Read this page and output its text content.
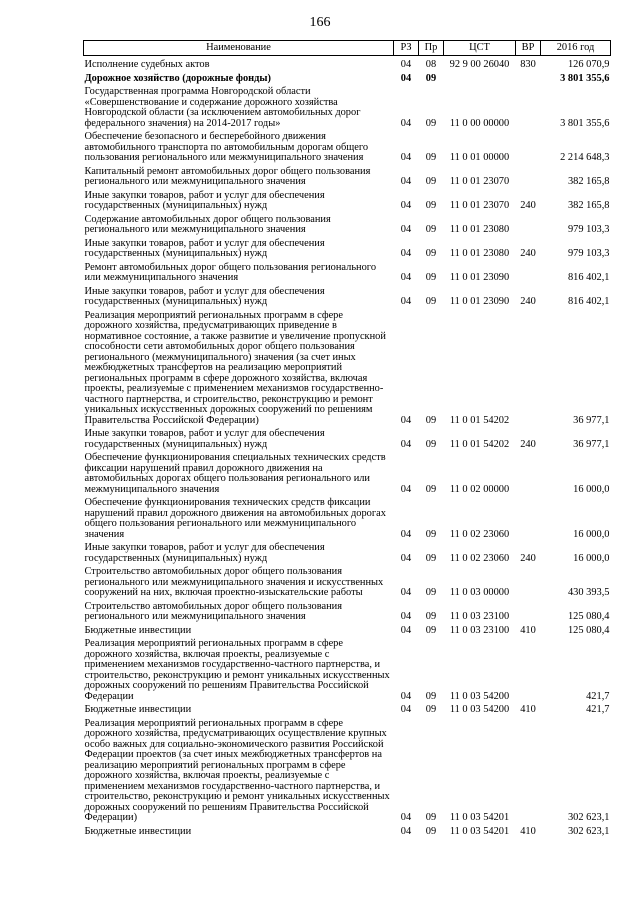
166
Наименование	РЗ	Пр	ЦСТ	ВР	2016 год
Исполнение судебных актов	04	08	92 9 00 26040	830	126 070,9
Дорожное хозяйство (дорожные фонды)	04	09			3 801 355,6
Государственная программа Новгородской области «Совершенствование и содержание дорожного хозяйства Новгородской области (за исключением автомобильных дорог федерального значения) на 2014-2017 годы»	04	09	11 0 00 00000		3 801 355,6
Обеспечение безопасного и бесперебойного движения автомобильного транспорта по автомобильным дорогам общего пользования регионального или межмуниципального значения	04	09	11 0 01 00000		2 214 648,3
Капитальный ремонт автомобильных дорог общего пользования регионального или межмуниципального значения	04	09	11 0 01 23070		382 165,8
Иные закупки товаров, работ и услуг для обеспечения государственных (муниципальных) нужд	04	09	11 0 01 23070	240	382 165,8
Содержание автомобильных дорог общего пользования регионального или межмуниципального значения	04	09	11 0 01 23080		979 103,3
Иные закупки товаров, работ и услуг для обеспечения государственных (муниципальных) нужд	04	09	11 0 01 23080	240	979 103,3
Ремонт автомобильных дорог общего пользования регионального или межмуниципального значения	04	09	11 0 01 23090		816 402,1
Иные закупки товаров, работ и услуг для обеспечения государственных (муниципальных) нужд	04	09	11 0 01 23090	240	816 402,1
Реализация мероприятий региональных программ в сфере дорожного хозяйства, предусматривающих приведение в нормативное состояние, а также развитие и увеличение пропускной способности сети автомобильных дорог общего пользования регионального (межмуниципального) значения (за счет иных межбюджетных трансфертов на реализацию мероприятий региональных программ в сфере дорожного хозяйства, включая проекты, реализуемые с применением механизмов государственно-частного партнерства, и строительство, реконструкцию и ремонт уникальных искусственных дорожных сооружений по решениям Правительства Российской Федерации)	04	09	11 0 01 54202		36 977,1
Иные закупки товаров, работ и услуг для обеспечения государственных (муниципальных) нужд	04	09	11 0 01 54202	240	36 977,1
Обеспечение функционирования специальных технических средств фиксации нарушений правил дорожного движения на автомобильных дорогах общего пользования регионального или межмуниципального значения	04	09	11 0 02 00000		16 000,0
Обеспечение функционирования технических средств фиксации нарушений правил дорожного движения на автомобильных дорогах общего пользования регионального или межмуниципального значения	04	09	11 0 02 23060		16 000,0
Иные закупки товаров, работ и услуг для обеспечения государственных (муниципальных) нужд	04	09	11 0 02 23060	240	16 000,0
Строительство автомобильных дорог общего пользования регионального или межмуниципального значения и искусственных сооружений на них, включая проектно-изыскательские работы	04	09	11 0 03 00000		430 393,5
Строительство автомобильных дорог общего пользования регионального или межмуниципального значения	04	09	11 0 03 23100		125 080,4
Бюджетные инвестиции	04	09	11 0 03 23100	410	125 080,4
Реализация мероприятий региональных программ в сфере дорожного хозяйства, включая проекты, реализуемые с применением механизмов государственно-частного партнерства, и строительство, реконструкцию и ремонт уникальных искусственных дорожных сооружений по решениям Правительства Российской Федерации	04	09	11 0 03 54200		421,7
Бюджетные инвестиции	04	09	11 0 03 54200	410	421,7
Реализация мероприятий региональных программ в сфере дорожного хозяйства, предусматривающих осуществление крупных особо важных для социально-экономического развития Российской Федерации проектов (за счет иных межбюджетных трансфертов на реализацию мероприятий региональных программ в сфере дорожного хозяйства, включая проекты, реализуемые с применением механизмов государственно-частного партнерства, и строительство, реконструкцию и ремонт уникальных искусственных дорожных сооружений по решениям Правительства Российской Федерации)	04	09	11 0 03 54201		302 623,1
Бюджетные инвестиции	04	09	11 0 03 54201	410	302 623,1
